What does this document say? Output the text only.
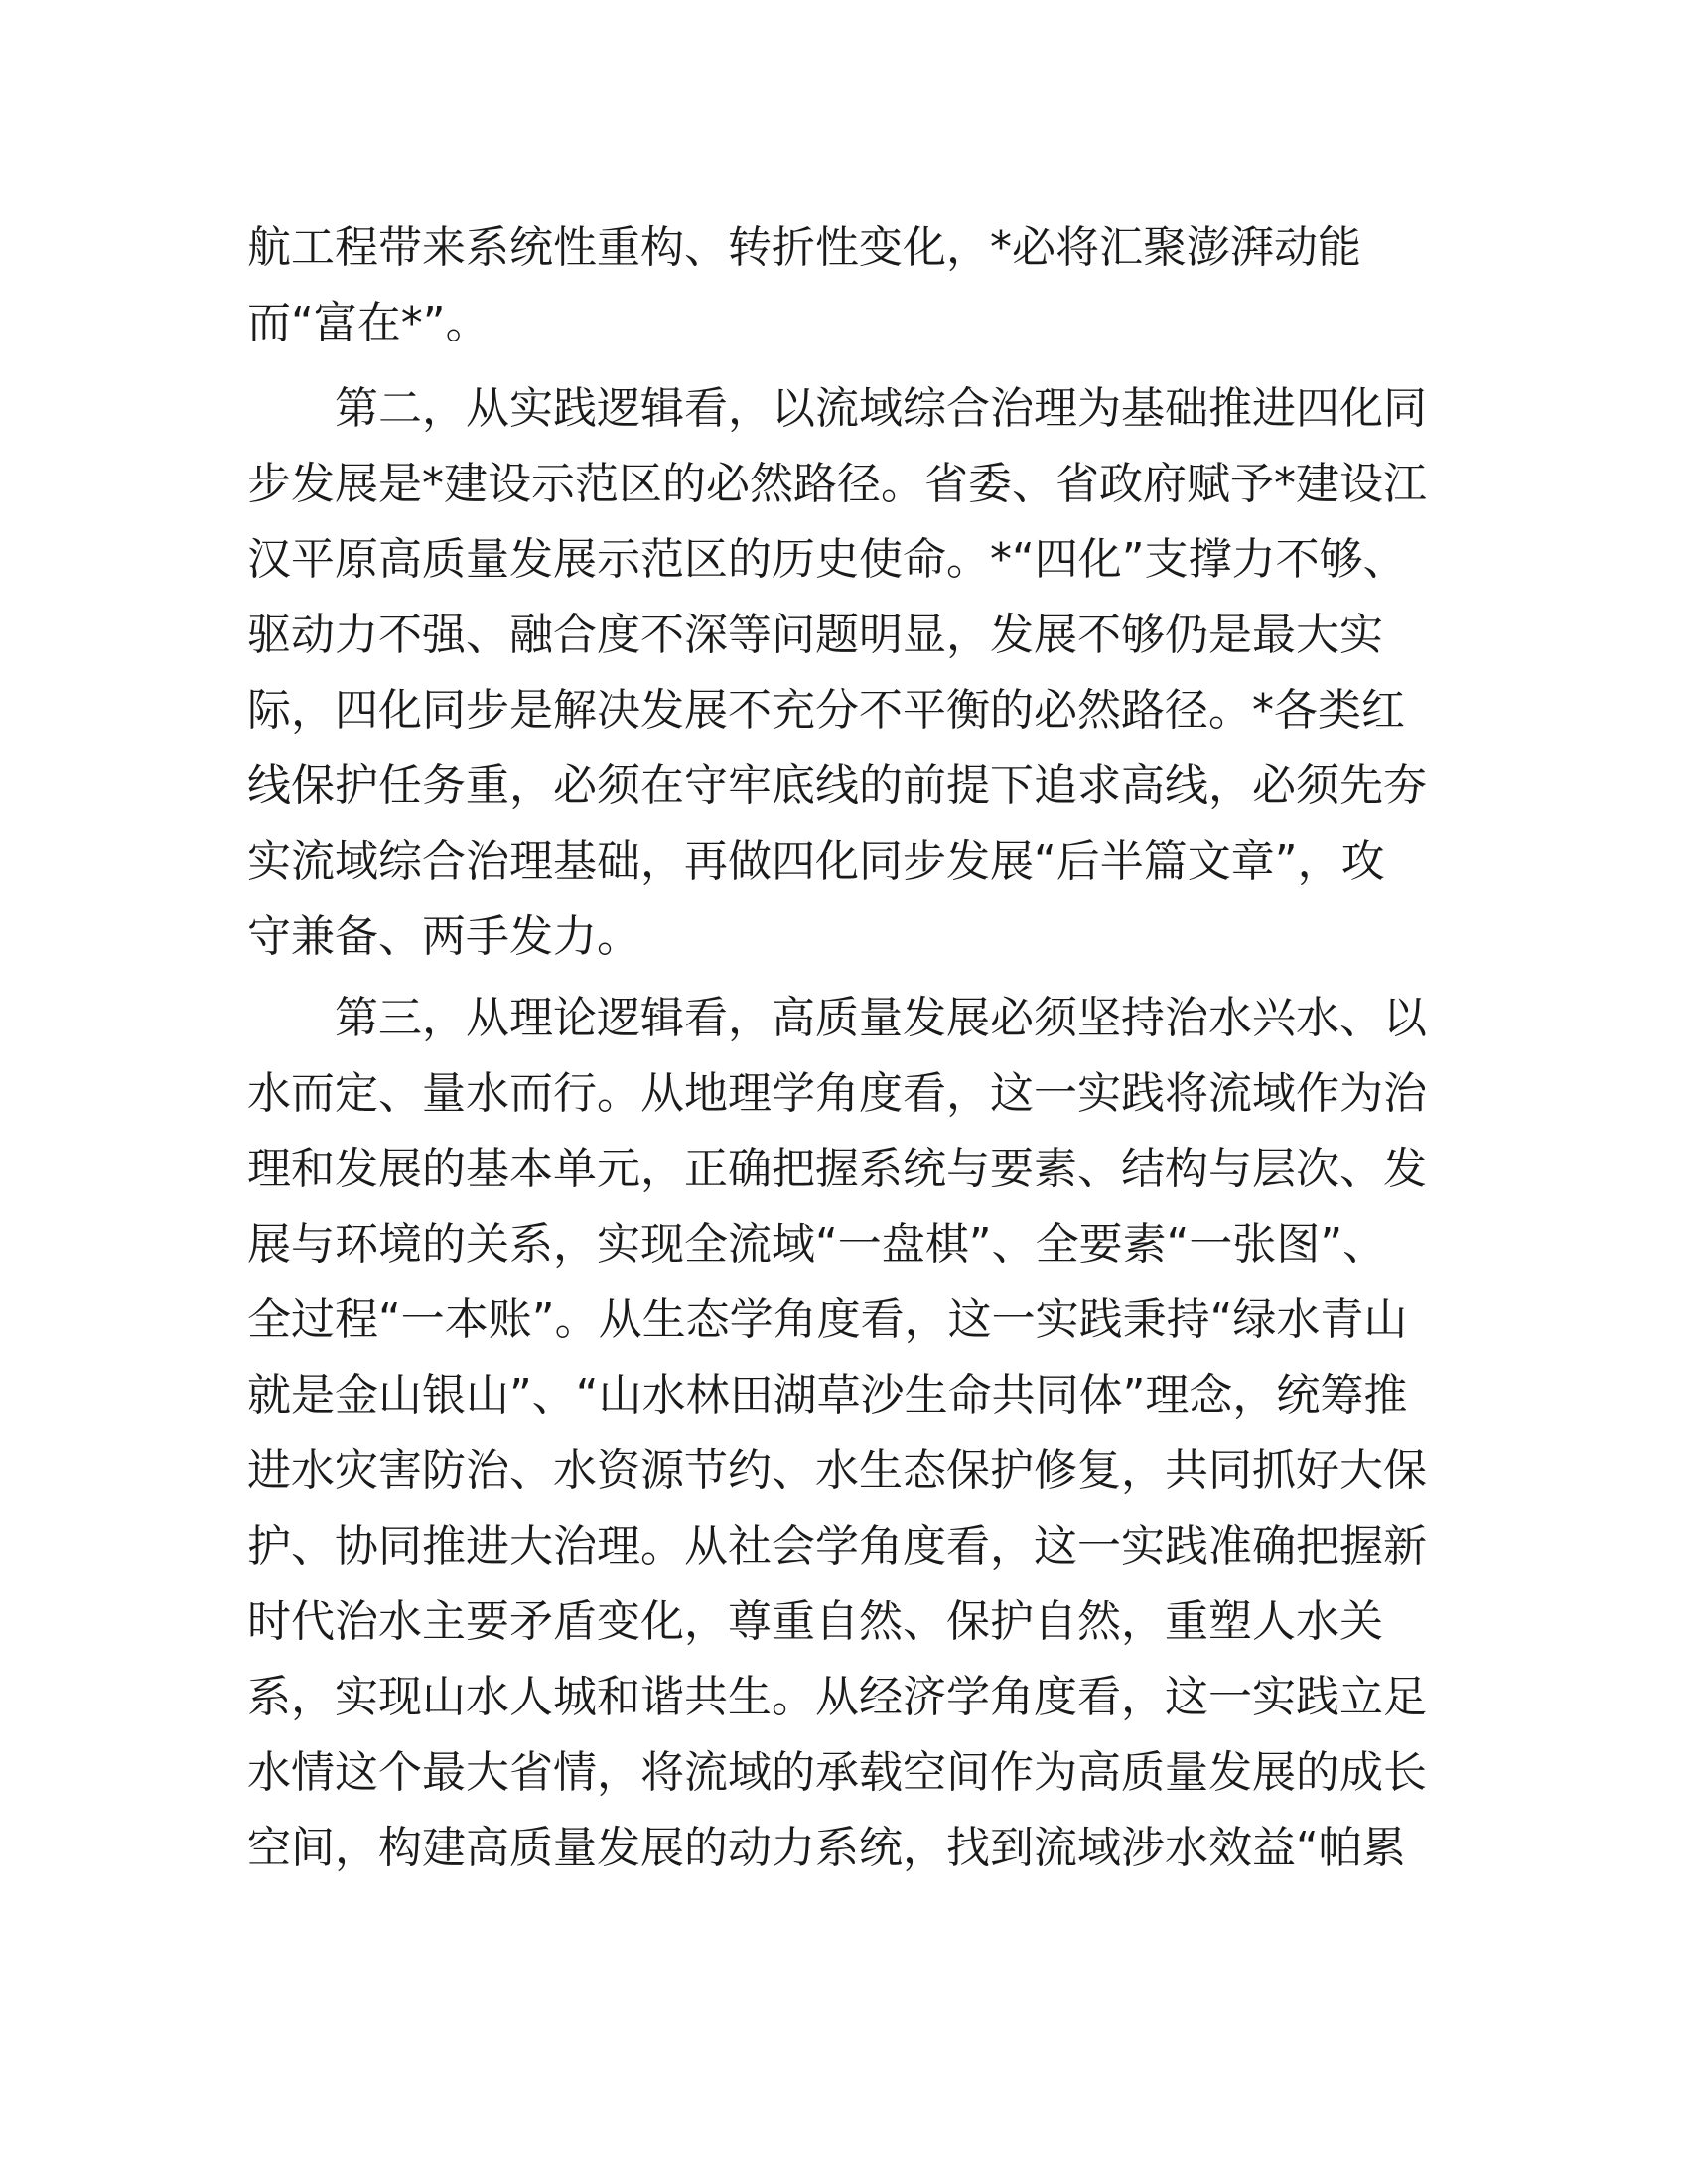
航工程带来系统性重构、转折性变化，*必将汇聚澎湃动能
而“富在*”。
第二，从实践逻辑看，以流域综合治理为基础推进四化同
步发展是*建设示范区的必然路径。省委、省政府赋予*建设江
汉平原高质量发展示范区的历史使命。*“四化”支撑力不够、
驱动力不强、融合度不深等问题明显，发展不够仍是最大实
际，四化同步是解决发展不充分不平衡的必然路径。*各类红
线保护任务重，必须在守牢底线的前提下追求高线，必须先夯
实流域综合治理基础，再做四化同步发展“后半篇文章”，攻
守兼备、两手发力。
第三，从理论逻辑看，高质量发展必须坚持治水兴水、以
水而定、量水而行。从地理学角度看，这一实践将流域作为治
理和发展的基本单元，正确把握系统与要素、结构与层次、发
展与环境的关系，实现全流域“一盘棋”、全要素“一张图”、
全过程“一本账”。从生态学角度看，这一实践秉持“绿水青山
就是金山银山”、“山水林田湖草沙生命共同体”理念，统筹推
进水灾害防治、水资源节约、水生态保护修复，共同抓好大保
护、协同推进大治理。从社会学角度看，这一实践准确把握新
时代治水主要矛盾变化，尊重自然、保护自然，重塑人水关
系，实现山水人城和谐共生。从经济学角度看，这一实践立足
水情这个最大省情，将流域的承载空间作为高质量发展的成长
空间，构建高质量发展的动力系统，找到流域涉水效益“帕累
